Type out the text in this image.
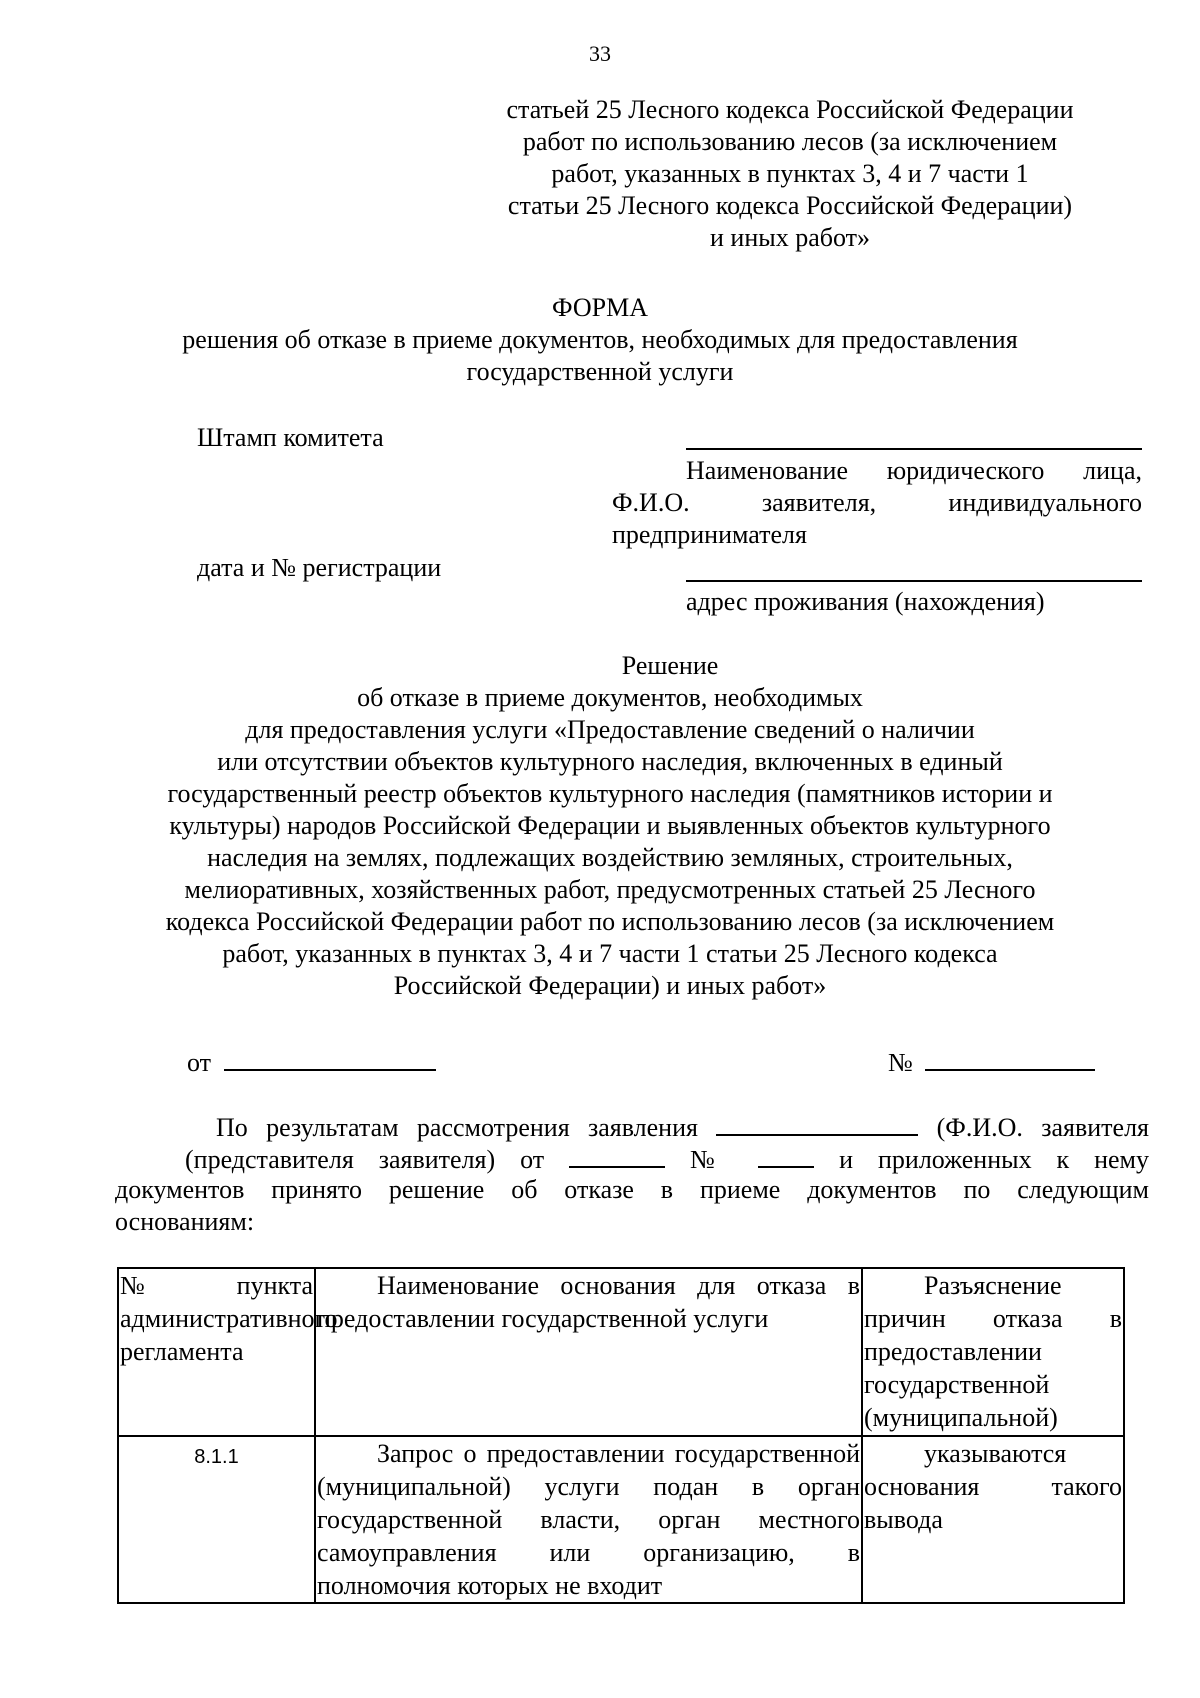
33
статьей 25 Лесного кодекса Российской Федерации
работ по использованию лесов (за исключением
работ, указанных в пунктах 3, 4 и 7 части 1
статьи 25 Лесного кодекса Российской Федерации)
и иных работ»
ФОРМА
решения об отказе в приеме документов, необходимых для предоставления
государственной услуги
Штамп комитета
Наименование юридического лица,
Ф.И.О. заявителя, индивидуального
предпринимателя
дата и № регистрации
адрес проживания (нахождения)
Решение
об отказе в приеме документов, необходимых
для предоставления услуги «Предоставление сведений о наличии
или отсутствии объектов культурного наследия, включенных в единый
государственный реестр объектов культурного наследия (памятников истории и
культуры) народов Российской Федерации и выявленных объектов культурного
наследия на землях, подлежащих воздействию земляных, строительных,
мелиоративных, хозяйственных работ, предусмотренных статьей 25 Лесного
кодекса Российской Федерации работ по использованию лесов (за исключением
работ, указанных в пунктах 3, 4 и 7 части 1 статьи 25 Лесного кодекса
Российской Федерации) и иных работ»
от	№
По результатам рассмотрения заявления	(Ф.И.О. заявителя
(представителя заявителя) от	№	и приложенных к нему
документов принято решение об отказе в приеме документов по следующим
основаниям:
№ пункта административного регламента	Наименование основания для отказа в предоставлении государственной услуги	Разъяснение причин отказа в предоставлении государственной (муниципальной)
8.1.1	Запрос о предоставлении государственной (муниципальной) услуги подан в орган государственной власти, орган местного самоуправления или организацию, в полномочия которых не входит	указываются основания такого вывода
